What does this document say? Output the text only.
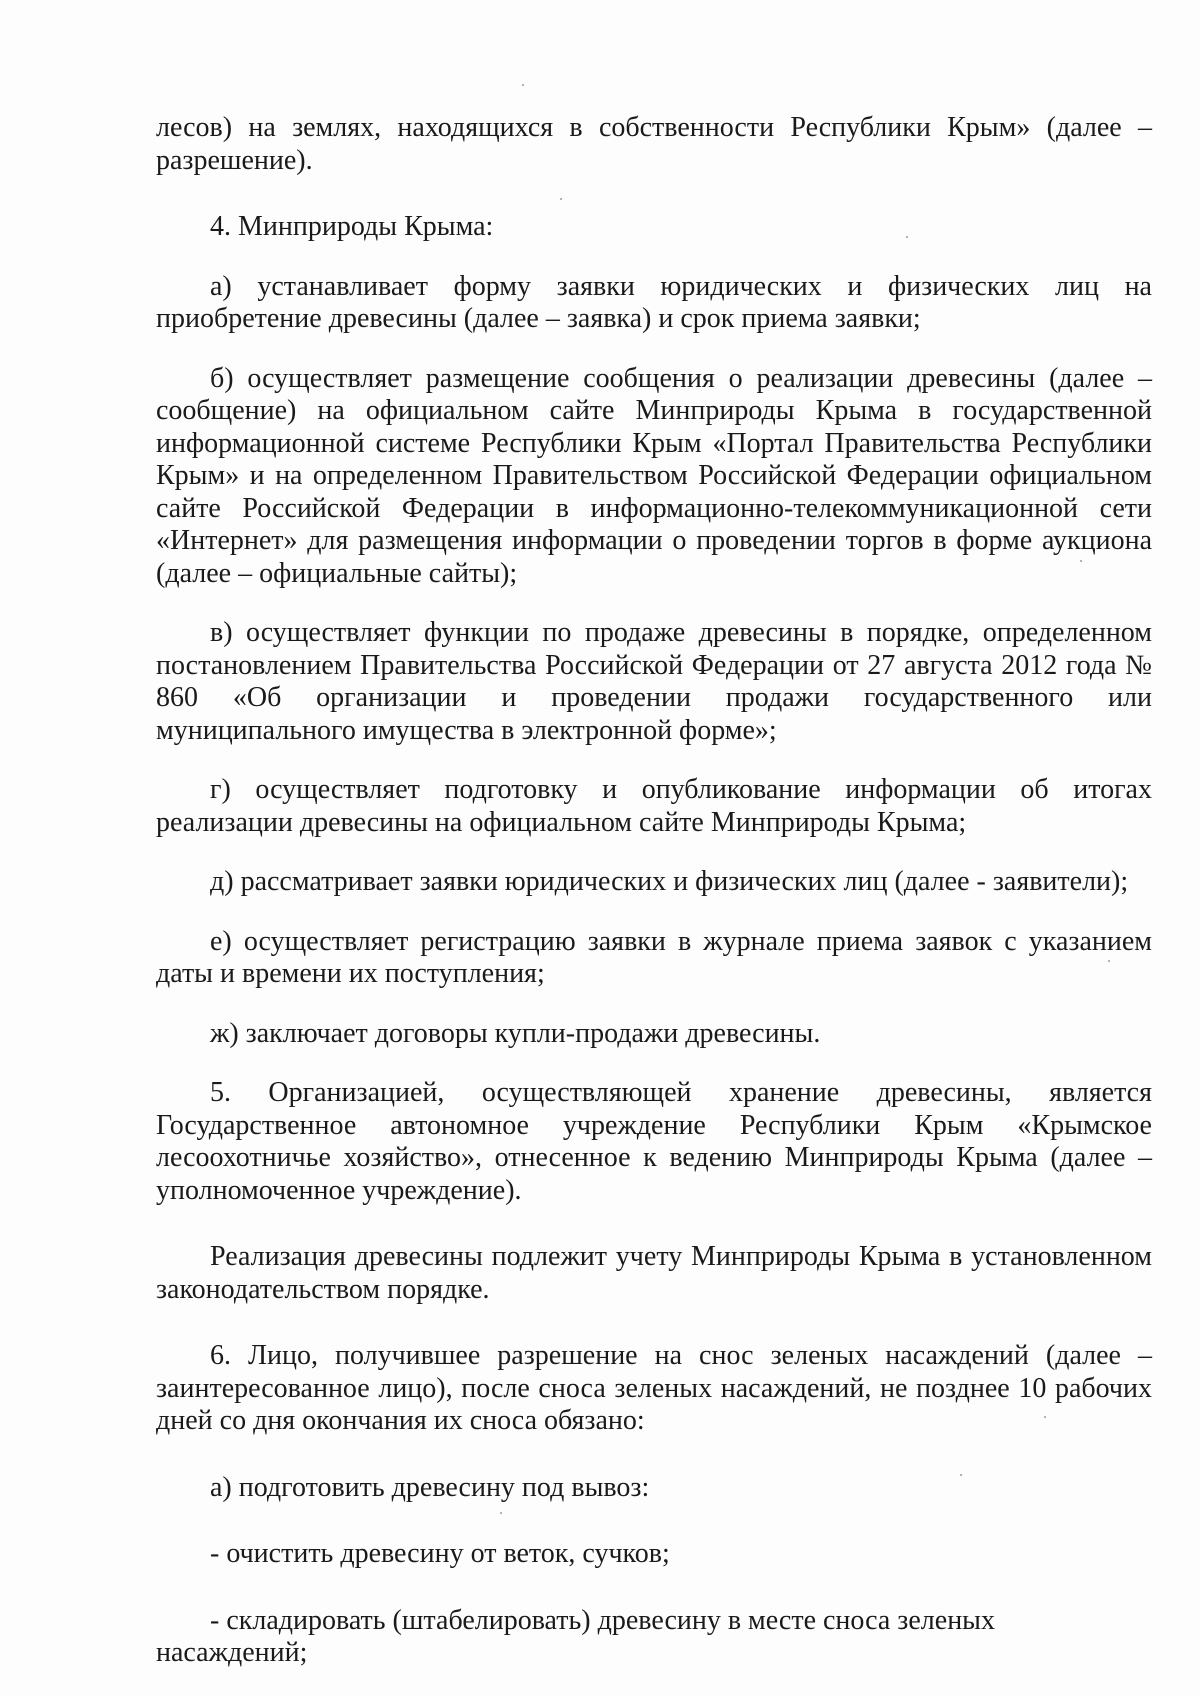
лесов) на землях, находящихся в собственности Республики Крым» (далее – разрешение).

4. Минприроды Крыма:

а) устанавливает форму заявки юридических и физических лиц на приобретение древесины (далее – заявка) и срок приема заявки;

б) осуществляет размещение сообщения о реализации древесины (далее – сообщение) на официальном сайте Минприроды Крыма в государственной информационной системе Республики Крым «Портал Правительства Республики Крым» и на определенном Правительством Российской Федерации официальном сайте Российской Федерации в информационно-телекоммуникационной сети «Интернет» для размещения информации о проведении торгов в форме аукциона (далее – официальные сайты);

в) осуществляет функции по продаже древесины в порядке, определенном постановлением Правительства Российской Федерации от 27 августа 2012 года № 860 «Об организации и проведении продажи государственного или муниципального имущества в электронной форме»;

г) осуществляет подготовку и опубликование информации об итогах реализации древесины на официальном сайте Минприроды Крыма;

д) рассматривает заявки юридических и физических лиц (далее - заявители);

е) осуществляет регистрацию заявки в журнале приема заявок с указанием даты и времени их поступления;

ж) заключает договоры купли-продажи древесины.

5. Организацией, осуществляющей хранение древесины, является Государственное автономное учреждение Республики Крым «Крымское лесоохотничье хозяйство», отнесенное к ведению Минприроды Крыма (далее – уполномоченное учреждение).

Реализация древесины подлежит учету Минприроды Крыма в установленном законодательством порядке.

6. Лицо, получившее разрешение на снос зеленых насаждений (далее – заинтересованное лицо), после сноса зеленых насаждений, не позднее 10 рабочих дней со дня окончания их сноса обязано:

а) подготовить древесину под вывоз:

- очистить древесину от веток, сучков;

- складировать (штабелировать) древесину в месте сноса зеленых насаждений;
